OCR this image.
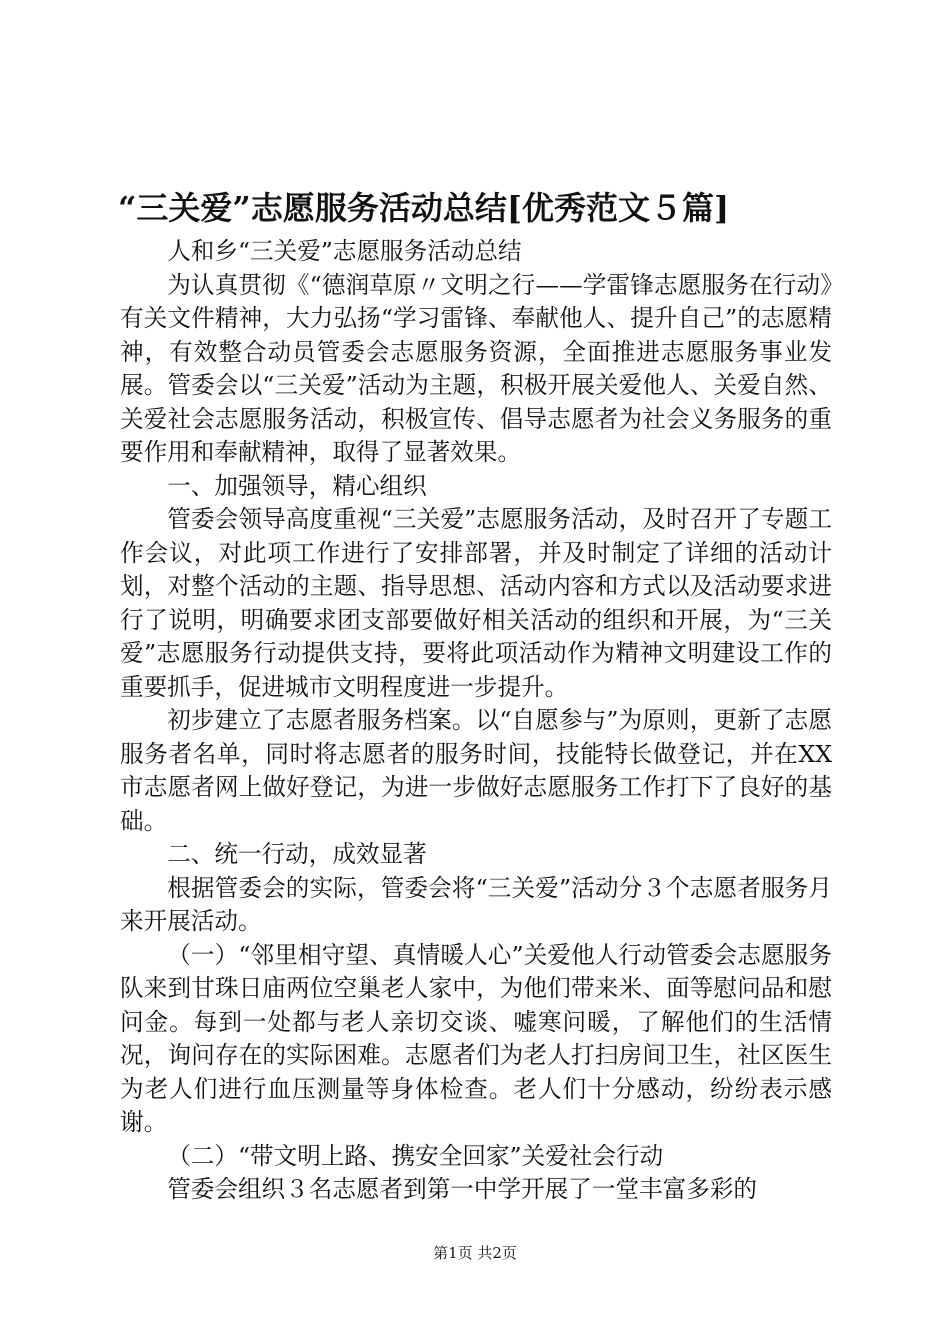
“三关爱”志愿服务活动总结[优秀范文５篇]

人和乡“三关爱”志愿服务活动总结

为认真贯彻《“德润草原〃文明之行——学雷锋志愿服务在行动》有关文件精神，大力弘扬“学习雷锋、奉献他人、提升自己”的志愿精神，有效整合动员管委会志愿服务资源，全面推进志愿服务事业发展。管委会以“三关爱”活动为主题，积极开展关爱他人、关爱自然、关爱社会志愿服务活动，积极宣传、倡导志愿者为社会义务服务的重要作用和奉献精神，取得了显著效果。

一、加强领导，精心组织

管委会领导高度重视“三关爱”志愿服务活动，及时召开了专题工作会议，对此项工作进行了安排部署，并及时制定了详细的活动计划，对整个活动的主题、指导思想、活动内容和方式以及活动要求进行了说明，明确要求团支部要做好相关活动的组织和开展，为“三关爱”志愿服务行动提供支持，要将此项活动作为精神文明建设工作的重要抓手，促进城市文明程度进一步提升。

初步建立了志愿者服务档案。以“自愿参与”为原则，更新了志愿服务者名单，同时将志愿者的服务时间，技能特长做登记，并在XX市志愿者网上做好登记，为进一步做好志愿服务工作打下了良好的基础。

二、统一行动，成效显著

根据管委会的实际，管委会将“三关爱”活动分３个志愿者服务月来开展活动。

（一）“邻里相守望、真情暖人心”关爱他人行动管委会志愿服务队来到甘珠日庙两位空巢老人家中，为他们带来米、面等慰问品和慰问金。每到一处都与老人亲切交谈、嘘寒问暖，了解他们的生活情况，询问存在的实际困难。志愿者们为老人打扫房间卫生，社区医生为老人们进行血压测量等身体检查。老人们十分感动，纷纷表示感谢。

（二）“带文明上路、携安全回家”关爱社会行动

管委会组织３名志愿者到第一中学开展了一堂丰富多彩的

第1页 共2页
